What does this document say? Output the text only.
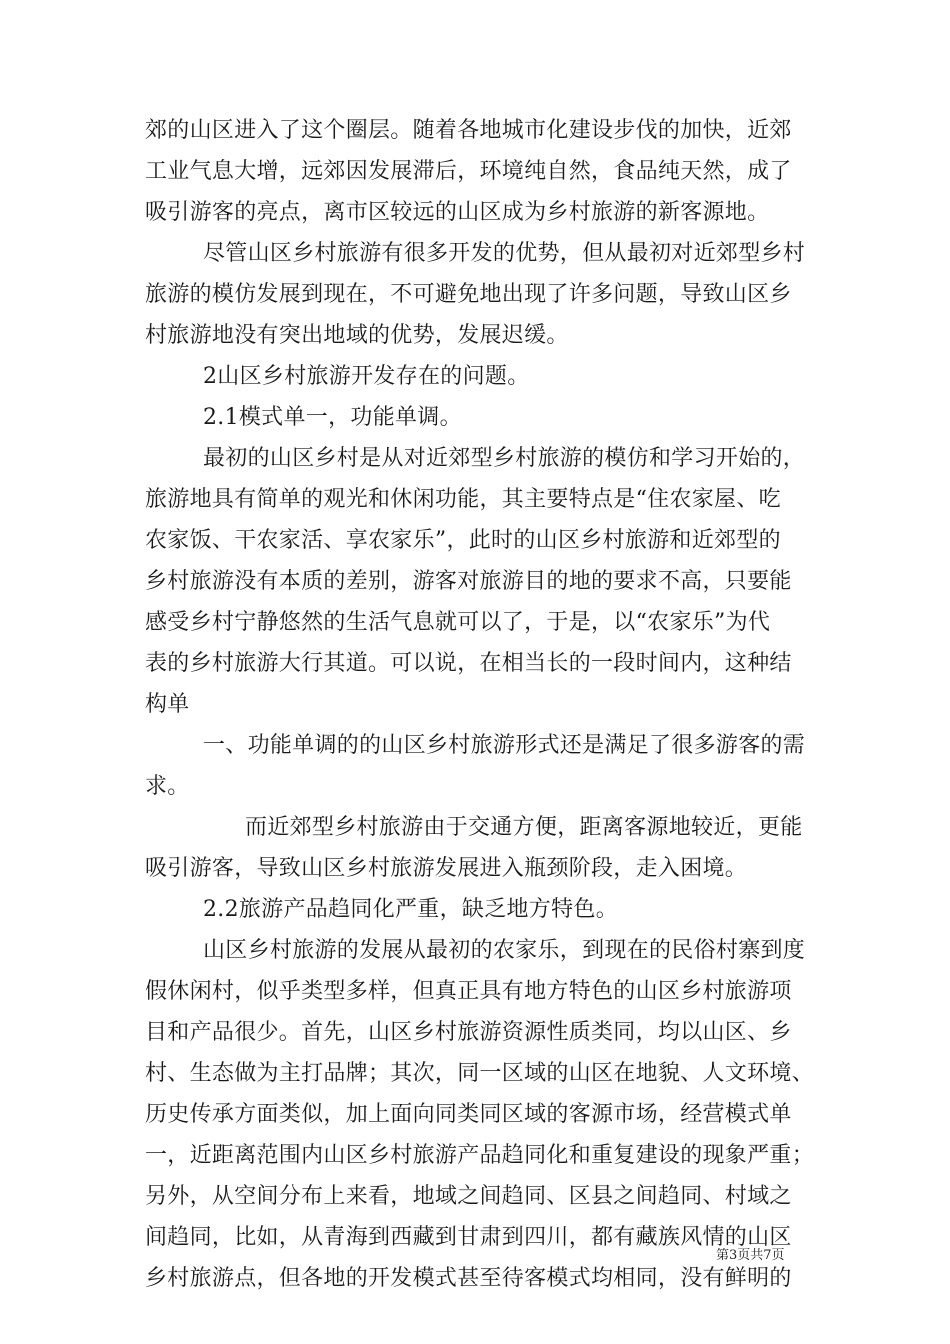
郊的山区进入了这个圈层。随着各地城市化建设步伐的加快，近郊
工业气息大增，远郊因发展滞后，环境纯自然，食品纯天然，成了
吸引游客的亮点，离市区较远的山区成为乡村旅游的新客源地。
尽管山区乡村旅游有很多开发的优势，但从最初对近郊型乡村
旅游的模仿发展到现在，不可避免地出现了许多问题，导致山区乡
村旅游地没有突出地域的优势，发展迟缓。
2山区乡村旅游开发存在的问题。
2.1模式单一，功能单调。
最初的山区乡村是从对近郊型乡村旅游的模仿和学习开始的，
旅游地具有简单的观光和休闲功能，其主要特点是“住农家屋、吃
农家饭、干农家活、享农家乐”，此时的山区乡村旅游和近郊型的
乡村旅游没有本质的差别，游客对旅游目的地的要求不高，只要能
感受乡村宁静悠然的生活气息就可以了，于是，以“农家乐”为代
表的乡村旅游大行其道。可以说，在相当长的一段时间内，这种结
构单
一、功能单调的的山区乡村旅游形式还是满足了很多游客的需
求。
而近郊型乡村旅游由于交通方便，距离客源地较近，更能
吸引游客，导致山区乡村旅游发展进入瓶颈阶段，走入困境。
2.2旅游产品趋同化严重，缺乏地方特色。
山区乡村旅游的发展从最初的农家乐，到现在的民俗村寨到度
假休闲村，似乎类型多样，但真正具有地方特色的山区乡村旅游项
目和产品很少。首先，山区乡村旅游资源性质类同，均以山区、乡
村、生态做为主打品牌；其次，同一区域的山区在地貌、人文环境、
历史传承方面类似，加上面向同类同区域的客源市场，经营模式单
一，近距离范围内山区乡村旅游产品趋同化和重复建设的现象严重；
另外，从空间分布上来看，地域之间趋同、区县之间趋同、村域之
间趋同，比如，从青海到西藏到甘肃到四川，都有藏族风情的山区
乡村旅游点，但各地的开发模式甚至待客模式均相同，没有鲜明的
第3页共7页
